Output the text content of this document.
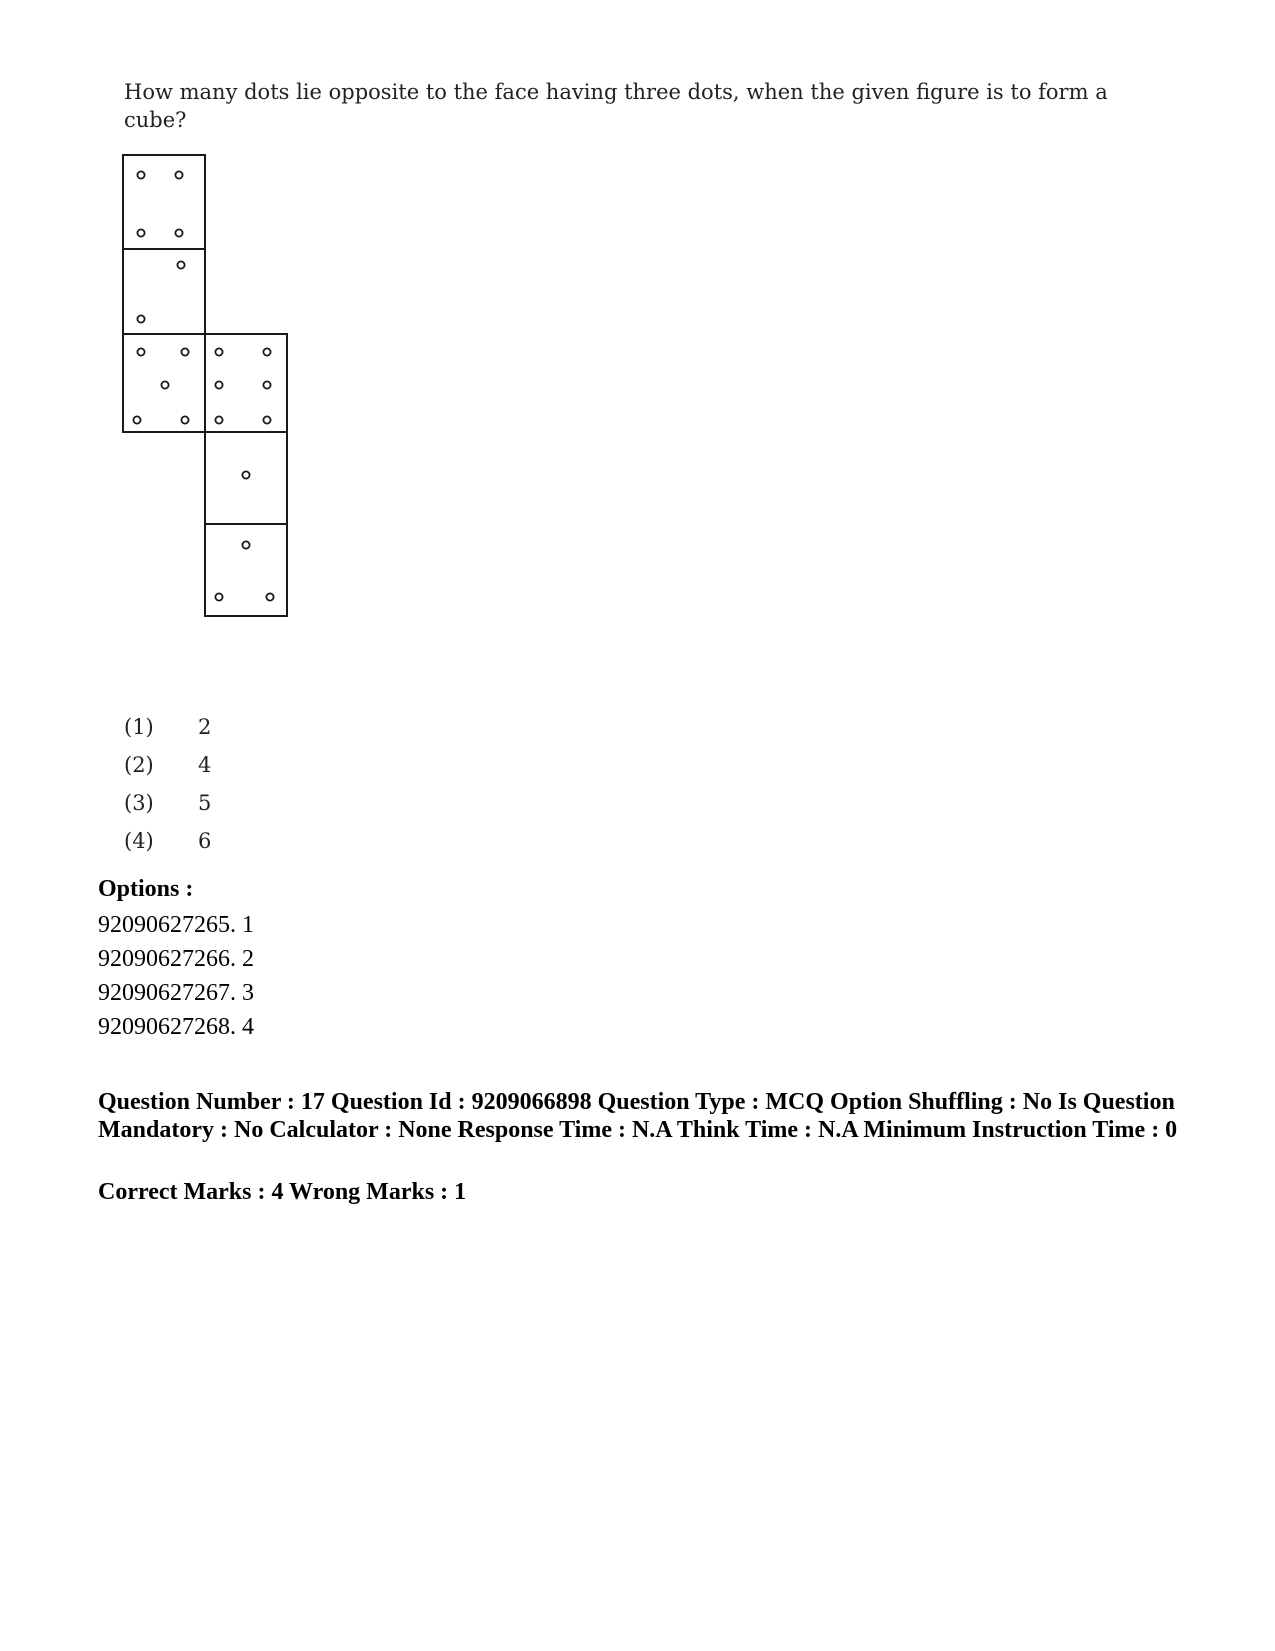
How many dots lie opposite to the face having three dots, when the given figure is to form a cube?

(1)	2
(2)	4
(3)	5
(4)	6

Options :

92090627265. 1
92090627266. 2
92090627267. 3
92090627268. 4

Question Number : 17 Question Id : 9209066898 Question Type : MCQ Option Shuffling : No Is Question Mandatory : No Calculator : None Response Time : N.A Think Time : N.A Minimum Instruction Time : 0

Correct Marks : 4 Wrong Marks : 1
